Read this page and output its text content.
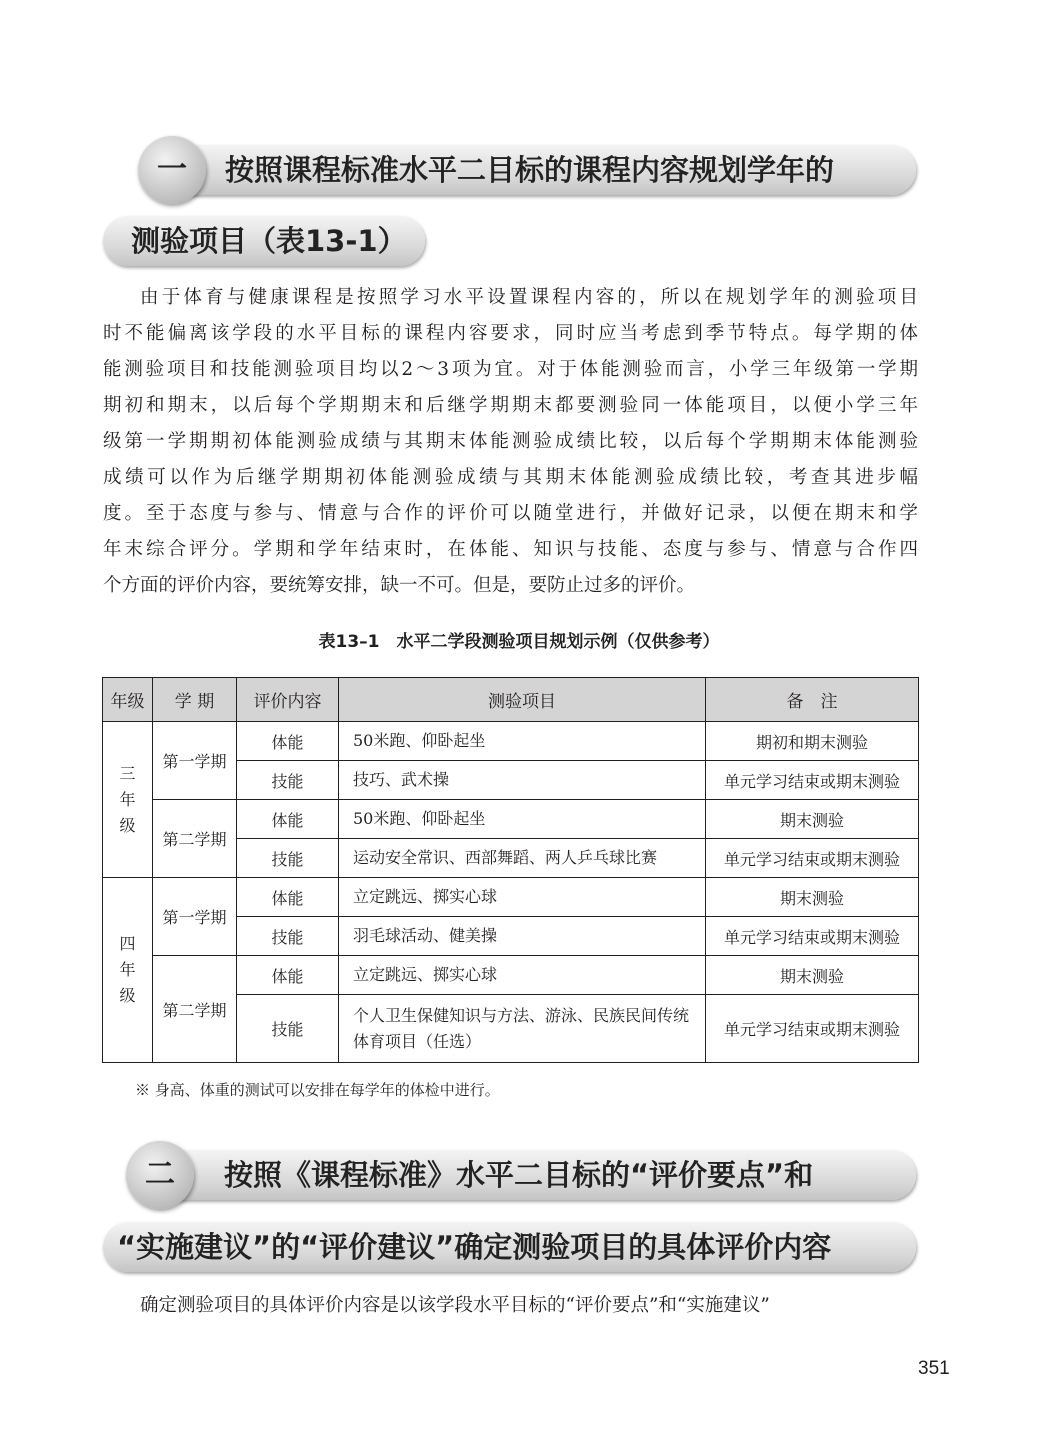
按照课程标准水平二目标的课程内容规划学年的
一
测验项目（表13-1）
由于体育与健康课程是按照学习水平设置课程内容的，所以在规划学年的测验项目
时不能偏离该学段的水平目标的课程内容要求，同时应当考虑到季节特点。每学期的体
能测验项目和技能测验项目均以2～3项为宜。对于体能测验而言，小学三年级第一学期
期初和期末，以后每个学期期末和后继学期期末都要测验同一体能项目，以便小学三年
级第一学期期初体能测验成绩与其期末体能测验成绩比较，以后每个学期期末体能测验
成绩可以作为后继学期期初体能测验成绩与其期末体能测验成绩比较，考查其进步幅
度。至于态度与参与、情意与合作的评价可以随堂进行，并做好记录，以便在期末和学
年末综合评分。学期和学年结束时，在体能、知识与技能、态度与参与、情意与合作四
个方面的评价内容，要统筹安排，缺一不可。但是，要防止过多的评价。
表13–1　水平二学段测验项目规划示例（仅供参考）
年级	学 期	评价内容	测验项目	备　注
三
年
级	第一学期	体能	50米跑、仰卧起坐	期初和期末测验
		技能	技巧、武术操	单元学习结束或期末测验
	第二学期	体能	50米跑、仰卧起坐	期末测验
		技能	运动安全常识、西部舞蹈、两人乒乓球比赛	单元学习结束或期末测验
四
年
级	第一学期	体能	立定跳远、掷实心球	期末测验
		技能	羽毛球活动、健美操	单元学习结束或期末测验
	第二学期	体能	立定跳远、掷实心球	期末测验
		技能	个人卫生保健知识与方法、游泳、民族民间传统体育项目（任选）	单元学习结束或期末测验
※ 身高、体重的测试可以安排在每学年的体检中进行。
按照《课程标准》水平二目标的“评价要点”和
二
“实施建议”的“评价建议”确定测验项目的具体评价内容
确定测验项目的具体评价内容是以该学段水平目标的“评价要点”和“实施建议”
351
